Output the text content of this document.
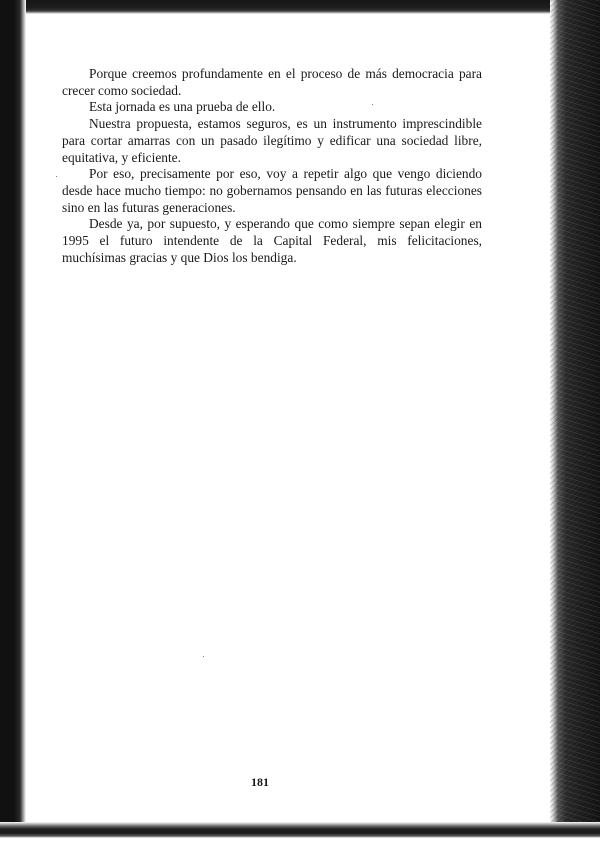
Porque creemos profundamente en el proceso de más democracia para crecer como sociedad.

Esta jornada es una prueba de ello.

Nuestra propuesta, estamos seguros, es un instrumento imprescindible para cortar amarras con un pasado ilegítimo y edificar una sociedad libre, equitativa, y eficiente.

Por eso, precisamente por eso, voy a repetir algo que vengo diciendo desde hace mucho tiempo: no gobernamos pensando en las futuras elecciones sino en las futuras generaciones.

Desde ya, por supuesto, y esperando que como siempre sepan elegir en 1995 el futuro intendente de la Capital Federal, mis felicitaciones, muchísimas gracias y que Dios los bendiga.

181
